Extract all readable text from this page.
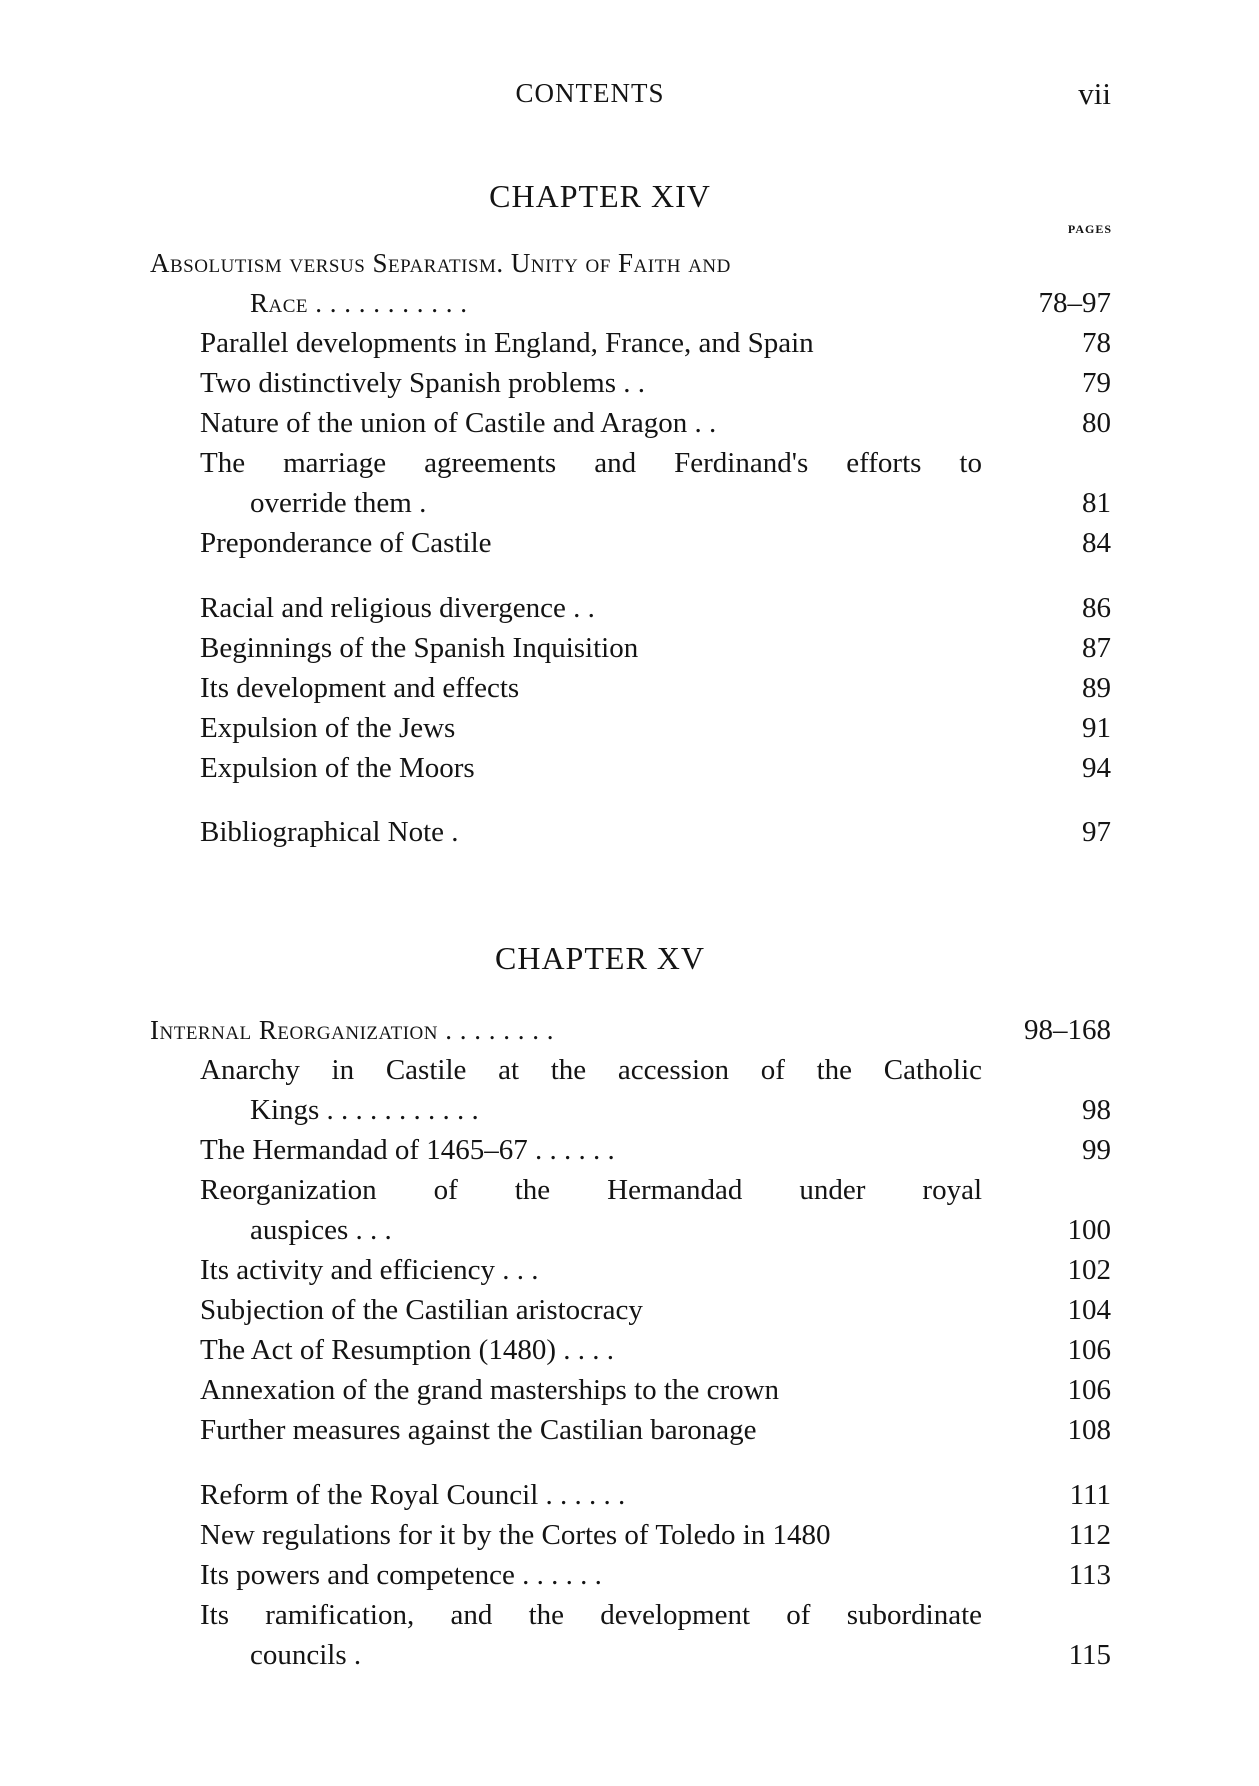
CONTENTS	vii
CHAPTER XIV
PAGES
Absolutism versus Separatism. Unity of Faith and
Race . . . . . . . . . . .	78–97
Parallel developments in England, France, and Spain	78
Two distinctively Spanish problems . .	79
Nature of the union of Castile and Aragon . .	80
The marriage agreements and Ferdinand's efforts to
override them .	81
Preponderance of Castile	84
Racial and religious divergence . .	86
Beginnings of the Spanish Inquisition	87
Its development and effects	89
Expulsion of the Jews	91
Expulsion of the Moors	94
Bibliographical Note .	97
CHAPTER XV
Internal Reorganization . . . . . . . .	98–168
Anarchy in Castile at the accession of the Catholic
Kings . . . . . . . . . . .	98
The Hermandad of 1465–67 . . . . . .	99
Reorganization of the Hermandad under royal
auspices . . .	100
Its activity and efficiency . . .	102
Subjection of the Castilian aristocracy	104
The Act of Resumption (1480) . . . .	106
Annexation of the grand masterships to the crown	106
Further measures against the Castilian baronage	108
Reform of the Royal Council . . . . . .	111
New regulations for it by the Cortes of Toledo in 1480	112
Its powers and competence . . . . . .	113
Its ramification, and the development of subordinate
councils .	115
